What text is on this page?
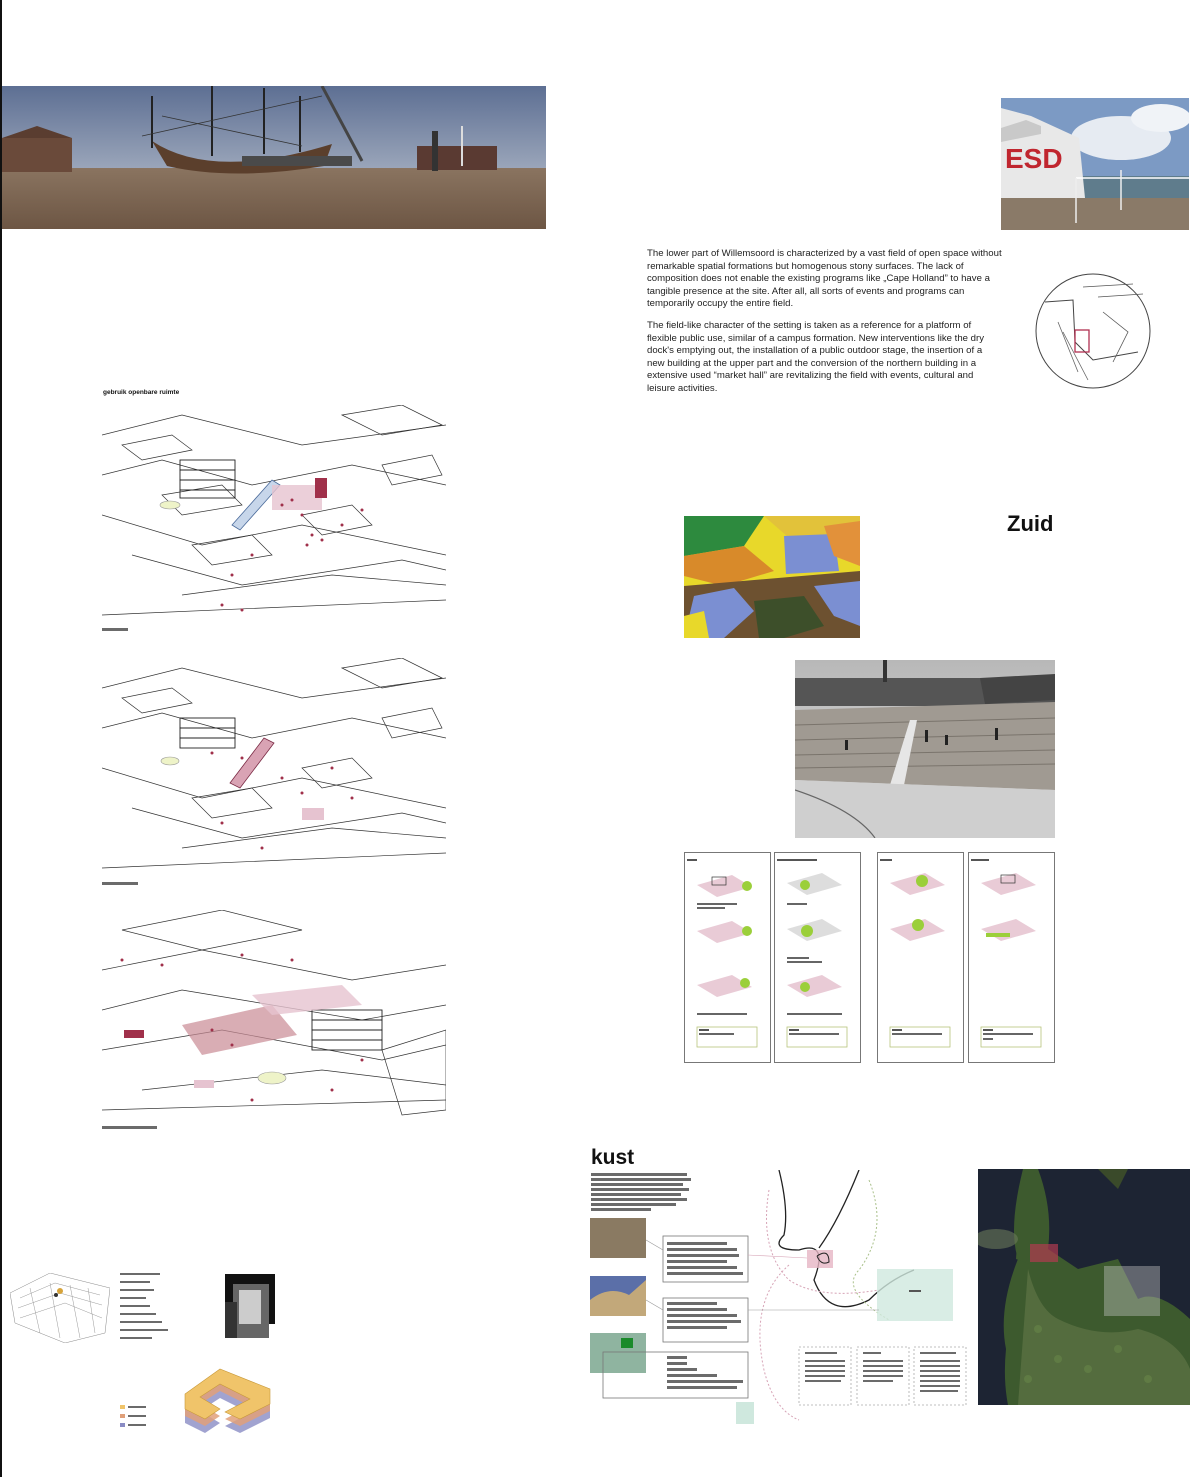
ESD

The lower part of Willemsoord is characterized by a vast field of open space without remarkable spatial formations but homogenous stony surfaces. The lack of composition does not enable the existing programs like „Cape Holland” to have a tangible presence at the site. After all, all sorts of events and programs can temporarily occupy the entire field.

The field-like character of the setting is taken as a reference for a platform of flexible public use, similar of a campus formation. New interventions like the dry dock's emptying out, the installation of a public outdoor stage, the insertion of a new building at the upper part and the conversion of the northern building in a extensive used “market hall” are revitalizing the field with events, cultural and leisure activities.

gebruik openbare ruimte
Zuid
kust
